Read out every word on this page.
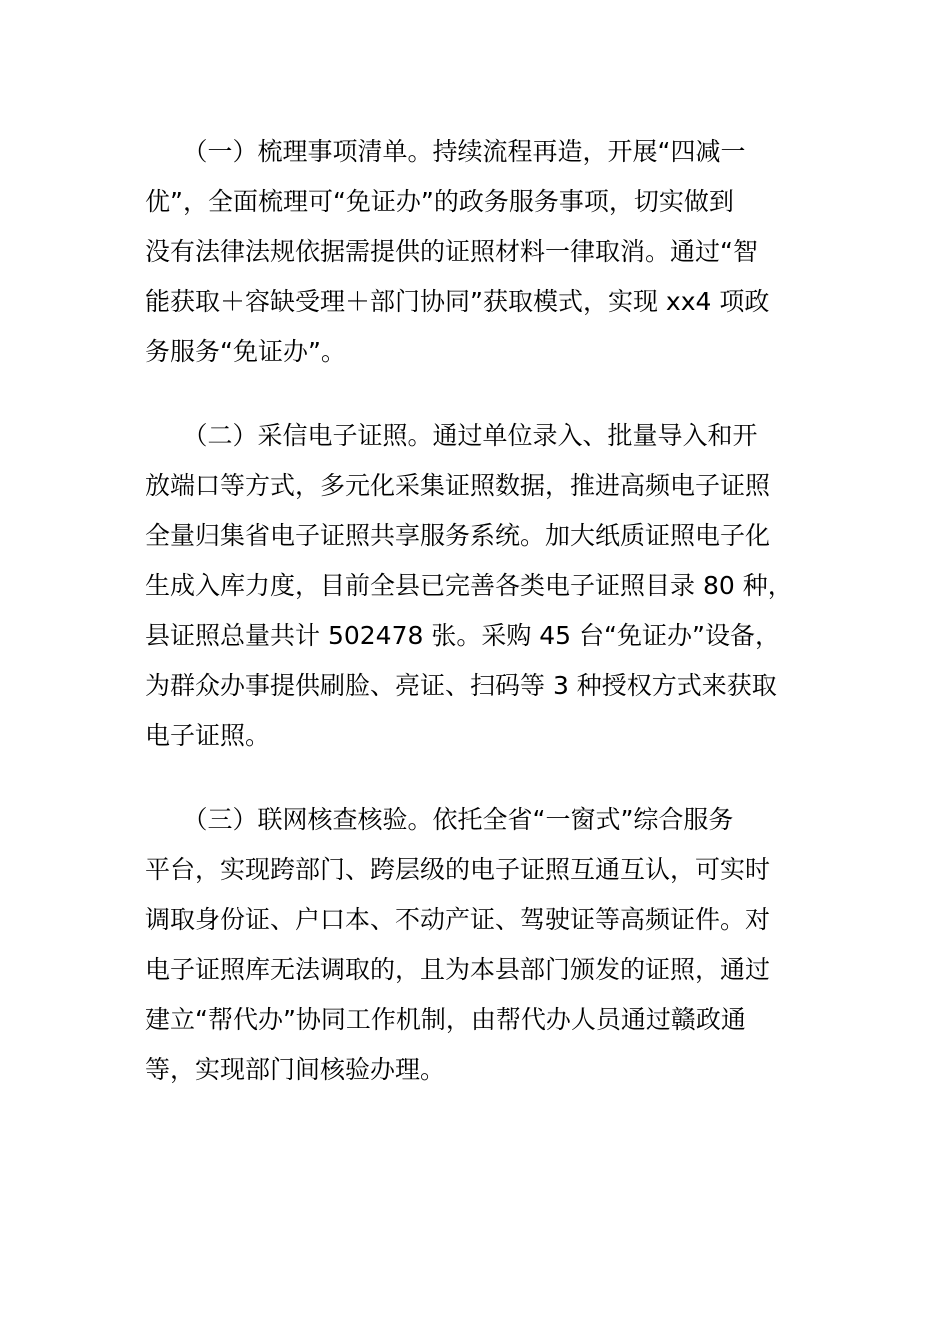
　　（一）梳理事项清单。持续流程再造，开展“四减一
优”，全面梳理可“免证办”的政务服务事项，切实做到
没有法律法规依据需提供的证照材料一律取消。通过“智
能获取＋容缺受理＋部门协同”获取模式，实现 xx4 项政
务服务“免证办”。
　　（二）采信电子证照。通过单位录入、批量导入和开
放端口等方式，多元化采集证照数据，推进高频电子证照
全量归集省电子证照共享服务系统。加大纸质证照电子化
生成入库力度，目前全县已完善各类电子证照目录 80 种，
县证照总量共计 502478 张。采购 45 台“免证办”设备，
为群众办事提供刷脸、亮证、扫码等 3 种授权方式来获取
电子证照。
　　（三）联网核查核验。依托全省“一窗式”综合服务
平台，实现跨部门、跨层级的电子证照互通互认，可实时
调取身份证、户口本、不动产证、驾驶证等高频证件。对
电子证照库无法调取的，且为本县部门颁发的证照，通过
建立“帮代办”协同工作机制，由帮代办人员通过赣政通
等，实现部门间核验办理。
